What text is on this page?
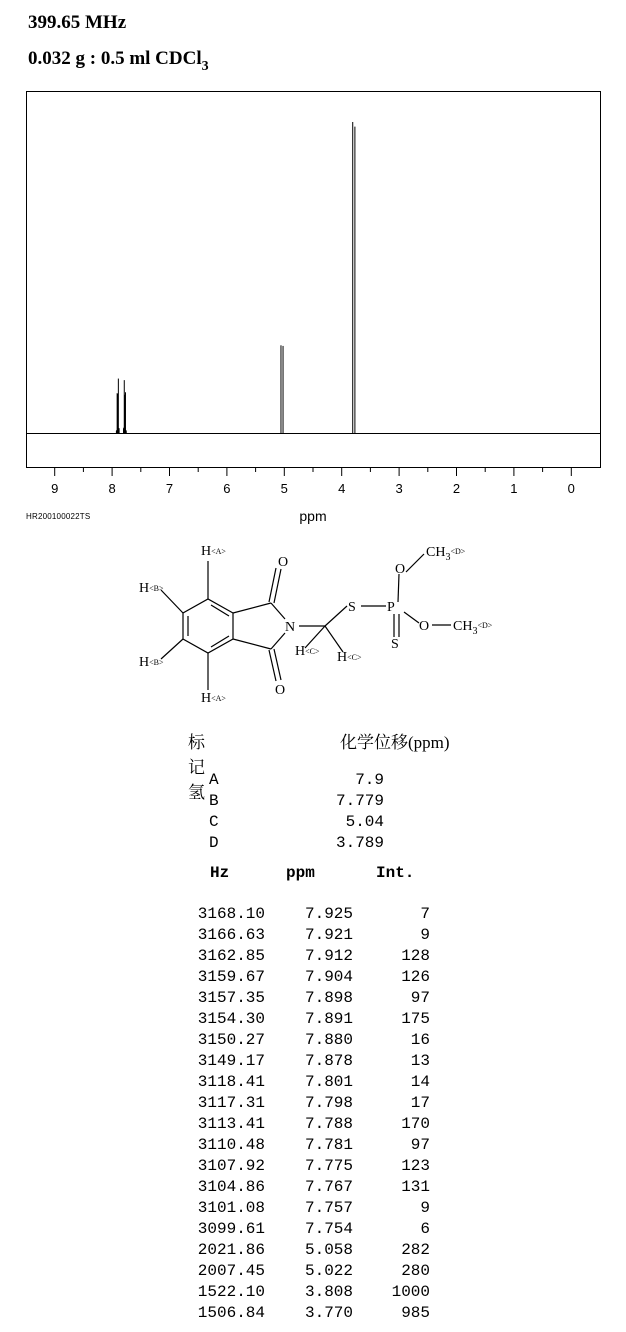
399.65 MHz
0.032 g : 0.5 ml CDCl$_3$
9	8	7	6	5	4	3	2	1	0
ppm
HR200100022TS
O
O
N
S P
S
O
O
$CH_3^{<D>}$
$CH_3^{<D>}$
H<A>
H<B>
H<B>
H<A>
H<C> H<C>
标记氢
化学位移(ppm)
A	7.9
B	7.779
C	5.04
D	3.789
Hz	ppm	Int.
3168.10	7.925	7
3166.63	7.921	9
3162.85	7.912	128
3159.67	7.904	126
3157.35	7.898	97
3154.30	7.891	175
3150.27	7.880	16
3149.17	7.878	13
3118.41	7.801	14
3117.31	7.798	17
3113.41	7.788	170
3110.48	7.781	97
3107.92	7.775	123
3104.86	7.767	131
3101.08	7.757	9
3099.61	7.754	6
2021.86	5.058	282
2007.45	5.022	280
1522.10	3.808	1000
1506.84	3.770	985
